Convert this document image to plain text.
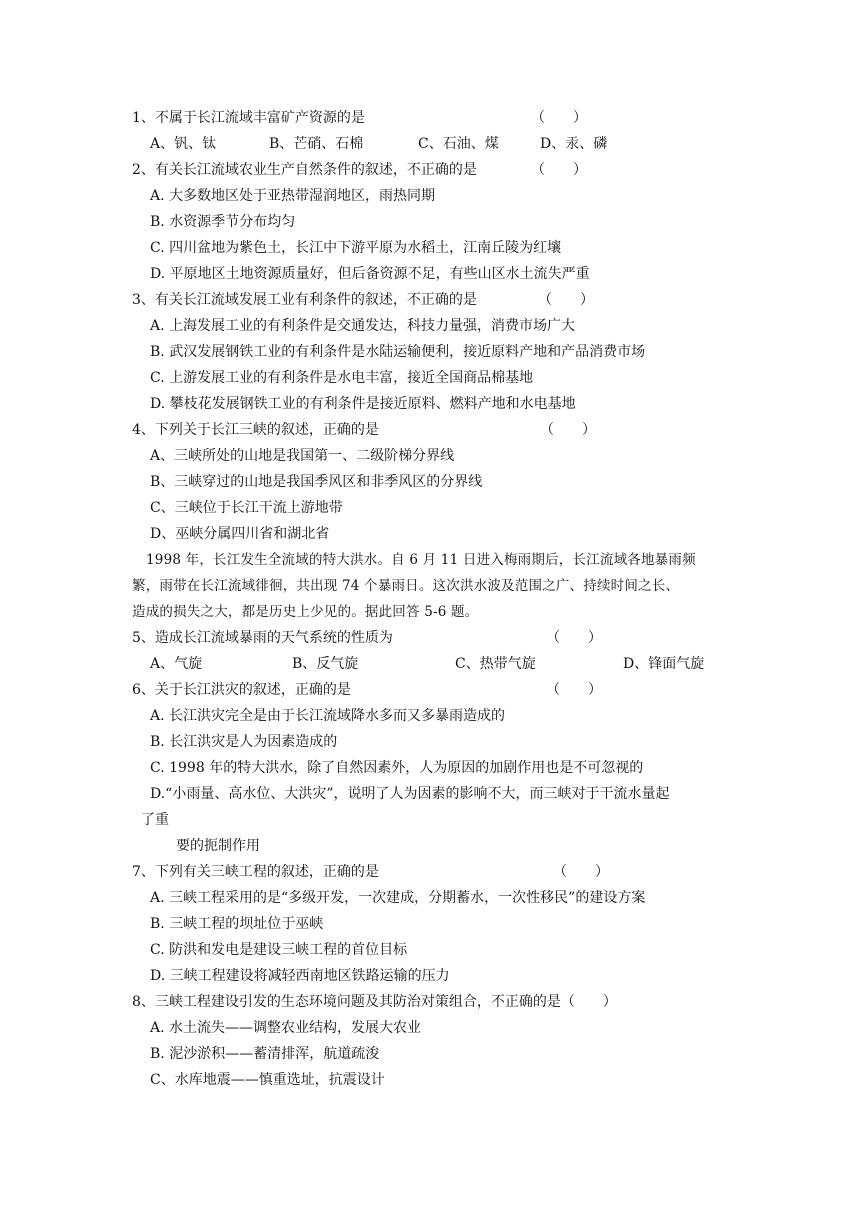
1、不属于长江流域丰富矿产资源的是	（　　）
A、钒、钛	B、芒硝、石棉	C、石油、煤	D、汞、磷
2、有关长江流域农业生产自然条件的叙述，不正确的是	（　　）
A. 大多数地区处于亚热带湿润地区，雨热同期
B. 水资源季节分布均匀
C. 四川盆地为紫色土，长江中下游平原为水稻土，江南丘陵为红壤
D. 平原地区土地资源质量好，但后备资源不足，有些山区水土流失严重
3、有关长江流域发展工业有利条件的叙述，不正确的是	（　　）
A. 上海发展工业的有利条件是交通发达，科技力量强，消费市场广大
B. 武汉发展钢铁工业的有利条件是水陆运输便利，接近原料产地和产品消费市场
C. 上游发展工业的有利条件是水电丰富，接近全国商品棉基地
D. 攀枝花发展钢铁工业的有利条件是接近原料、燃料产地和水电基地
4、下列关于长江三峡的叙述，正确的是	（　　）
A、三峡所处的山地是我国第一、二级阶梯分界线
B、三峡穿过的山地是我国季风区和非季风区的分界线
C、三峡位于长江干流上游地带
D、巫峡分属四川省和湖北省
1998 年，长江发生全流域的特大洪水。自 6 月 11 日进入梅雨期后，长江流域各地暴雨频
繁，雨带在长江流域徘徊，共出现 74 个暴雨日。这次洪水波及范围之广、持续时间之长、
造成的损失之大，都是历史上少见的。据此回答 5-6 题。
5、造成长江流域暴雨的天气系统的性质为	（　　）
A、气旋	B、反气旋	C、热带气旋	D、锋面气旋
6、关于长江洪灾的叙述，正确的是	（　　）
A. 长江洪灾完全是由于长江流域降水多而又多暴雨造成的
B. 长江洪灾是人为因素造成的
C. 1998 年的特大洪水，除了自然因素外，人为原因的加剧作用也是不可忽视的
D.“小雨量、高水位、大洪灾”，说明了人为因素的影响不大，而三峡对于干流水量起
了重
要的扼制作用
7、下列有关三峡工程的叙述，正确的是	（　　）
A. 三峡工程采用的是“多级开发，一次建成，分期蓄水，一次性移民”的建设方案
B. 三峡工程的坝址位于巫峡
C. 防洪和发电是建设三峡工程的首位目标
D. 三峡工程建设将减轻西南地区铁路运输的压力
8、三峡工程建设引发的生态环境问题及其防治对策组合，不正确的是（　　）
A. 水土流失——调整农业结构，发展大农业
B. 泥沙淤积——蓄清排浑，航道疏浚
C、水库地震——慎重选址，抗震设计
